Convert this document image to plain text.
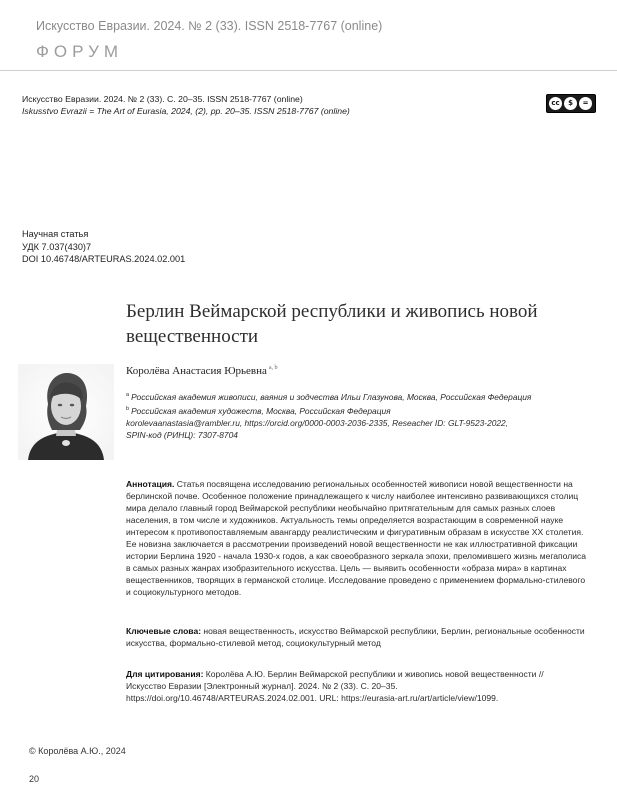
Искусство Евразии. 2024. № 2 (33). ISSN 2518-7767 (online)
ФОРУМ
Искусство Евразии. 2024. № 2 (33). С. 20–35. ISSN 2518-7767 (online)
Iskusstvo Evrazii = The Art of Eurasia, 2024, (2), pp. 20–35. ISSN 2518-7767 (online)
cc	$	=
Научная статья
УДК 7.037(430)7
DOI 10.46748/ARTEURAS.2024.02.001
Берлин Веймарской республики и живопись новой вещественности
Королёва Анастасия Юрьевна $^{a, b}$
$^a$ Российская академия живописи, ваяния и зодчества Ильи Глазунова, Москва, Российская Федерация
$^b$ Российская академия художеств, Москва, Российская Федерация
korolevaanastasia@rambler.ru, https://orcid.org/0000-0003-2036-2335, Reseacher ID: GLT-9523-2022,
SPIN-код (РИНЦ): 7307-8704

Аннотация. Статья посвящена исследованию региональных особенностей живописи новой вещественности на берлинской почве. Особенное положение принадлежащего к числу наиболее интенсивно развивающихся столиц мира делало главный город Веймарской республики необычайно притягательным для самых разных слоев населения, в том числе и художников. Актуальность темы определяется возрастающим в современной науке интересом к противопоставляемым авангарду реалистическим и фигуративным образам в искусстве XX столетия. Ее новизна заключается в рассмотрении произведений новой вещественности не как иллюстративной фиксации истории Берлина 1920 - начала 1930-х годов, а как своеобразного зеркала эпохи, преломившего жизнь мегаполиса в самых разных жанрах изобразительного искусства. Цель — выявить особенности «образа мира» в картинах вещественников, творящих в германской столице. Исследование проведено с применением формально-стилевого и социокультурного методов.

Ключевые слова: новая вещественность, искусство Веймарской республики, Берлин, региональные особенности искусства, формально-стилевой метод, социокультурный метод

Для цитирования: Королёва А.Ю. Берлин Веймарской республики и живопись новой вещественности // Искусство Евразии [Электронный журнал]. 2024. № 2 (33). С. 20–35. https://doi.org/10.46748/ARTEURAS.2024.02.001. URL: https://eurasia-art.ru/art/article/view/1099.

© Королёва А.Ю., 2024
20
